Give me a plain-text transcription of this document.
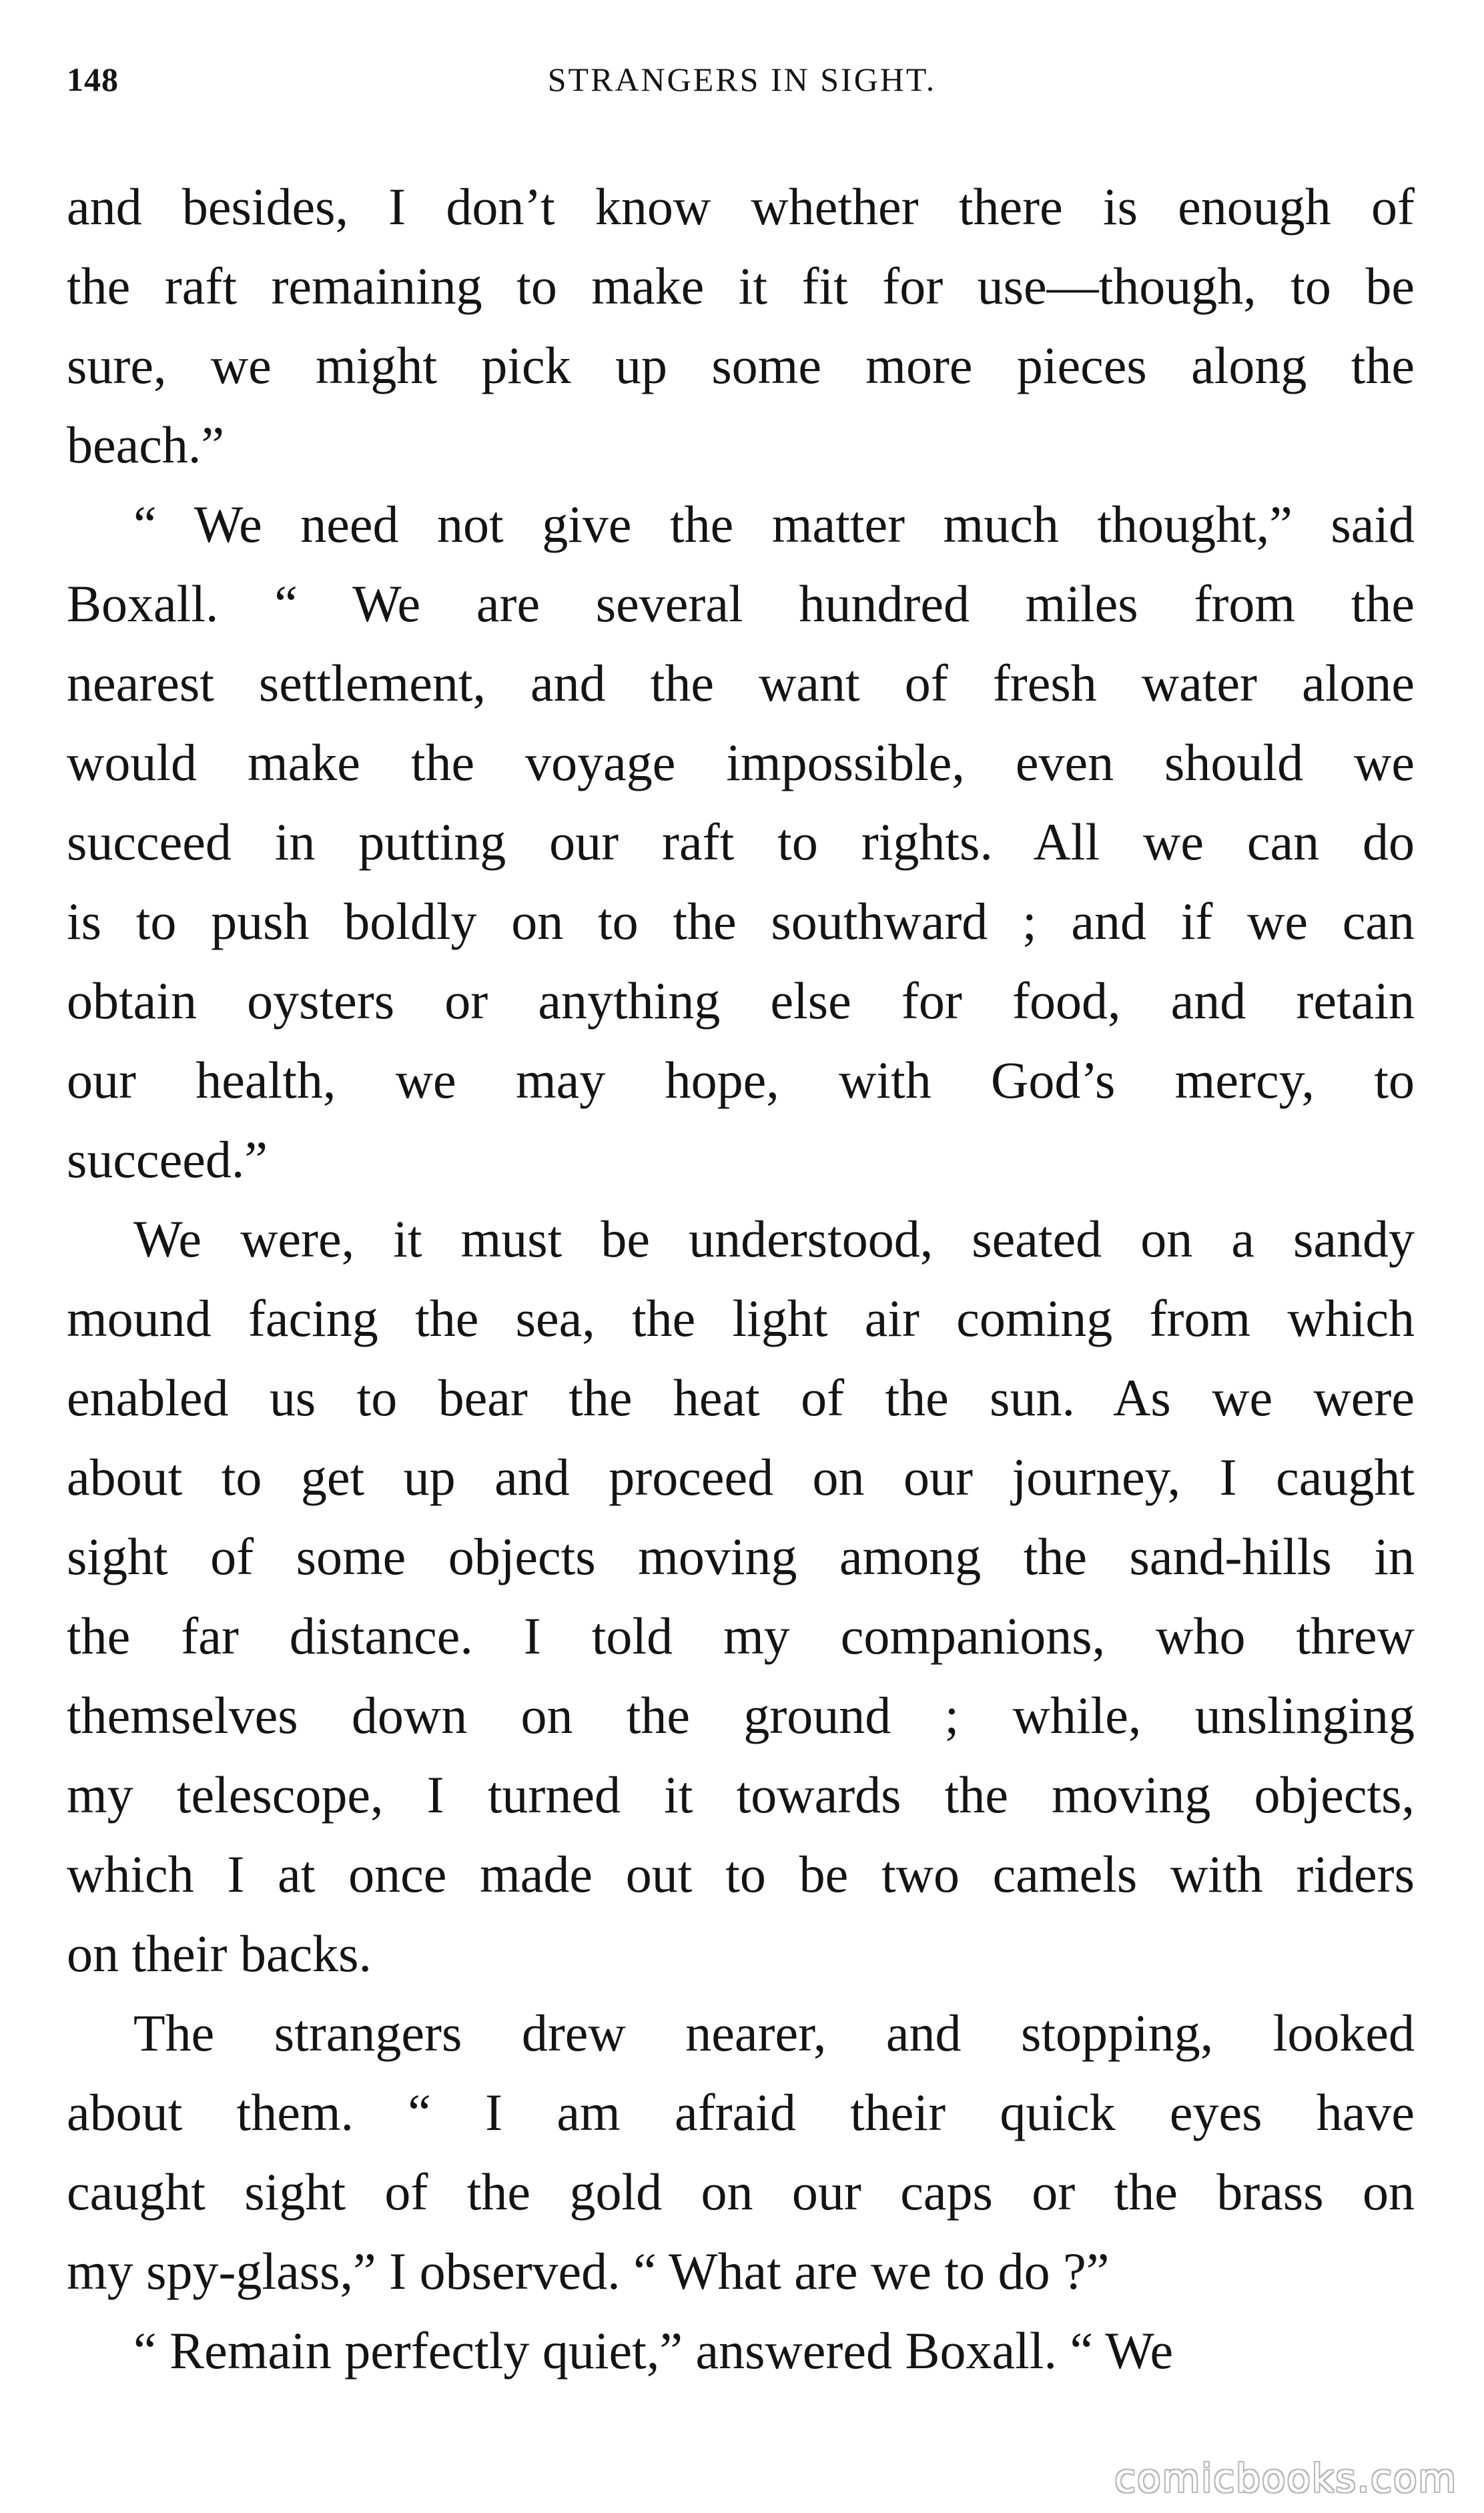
148	STRANGERS IN SIGHT.

and besides, I don’t know whether there is enough of
the raft remaining to make it fit for use—though, to be
sure, we might pick up some more pieces along the
beach.”

“ We need not give the matter much thought,” said
Boxall. “ We are several hundred miles from the
nearest settlement, and the want of fresh water alone
would make the voyage impossible, even should we
succeed in putting our raft to rights. All we can do
is to push boldly on to the southward ; and if we can
obtain oysters or anything else for food, and retain
our health, we may hope, with God’s mercy, to
succeed.”

We were, it must be understood, seated on a sandy
mound facing the sea, the light air coming from which
enabled us to bear the heat of the sun. As we were
about to get up and proceed on our journey, I caught
sight of some objects moving among the sand-hills in
the far distance. I told my companions, who threw
themselves down on the ground ; while, unslinging
my telescope, I turned it towards the moving objects,
which I at once made out to be two camels with riders
on their backs.

The strangers drew nearer, and stopping, looked
about them. “ I am afraid their quick eyes have
caught sight of the gold on our caps or the brass on
my spy-glass,” I observed. “ What are we to do ?”

“ Remain perfectly quiet,” answered Boxall. “ We

comicbooks.com
